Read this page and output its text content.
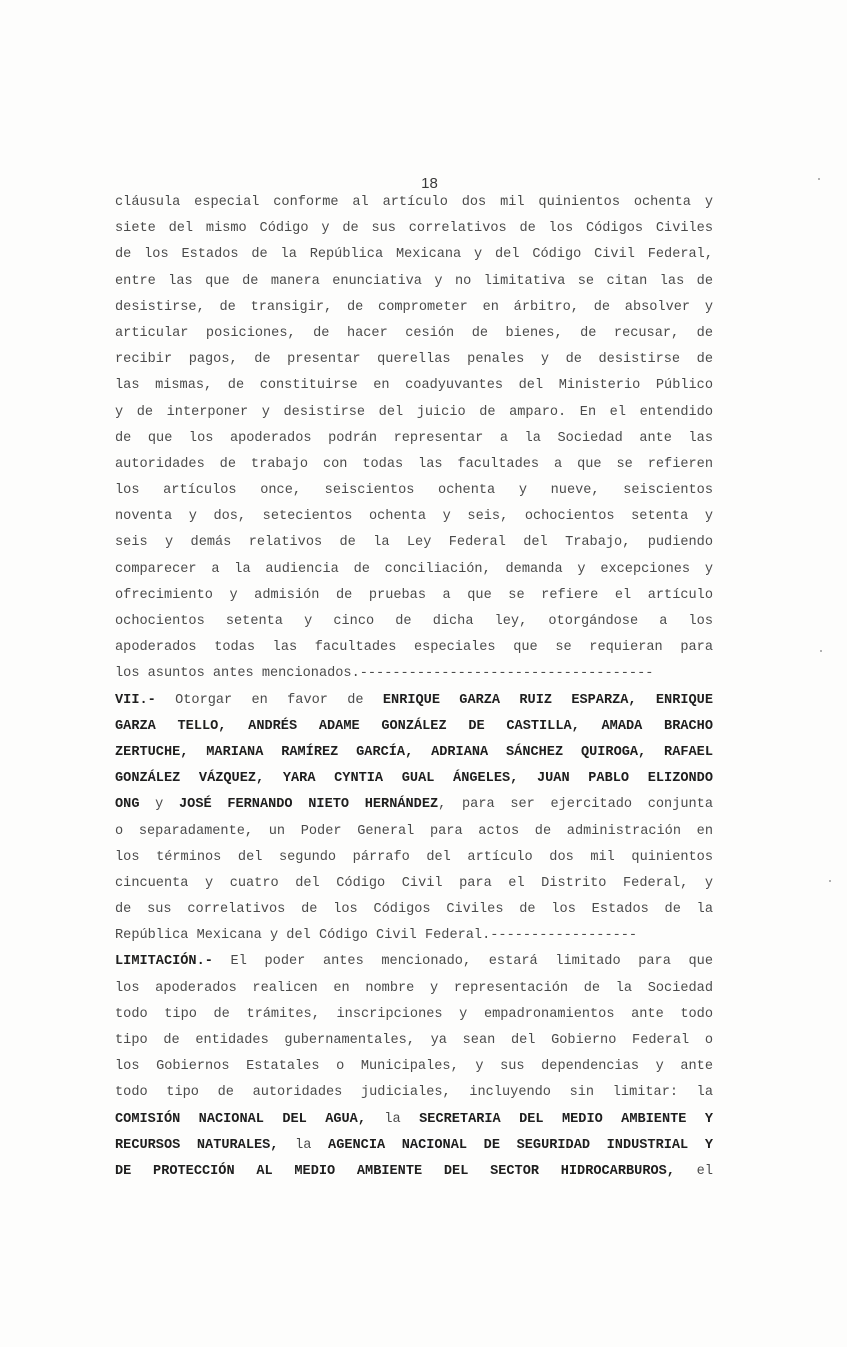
18
cláusula especial conforme al artículo dos mil quinientos ochenta y
siete del mismo Código y de sus correlativos de los Códigos Civiles
de los Estados de la República Mexicana y del Código Civil Federal,
entre las que de manera enunciativa y no limitativa se citan las de
desistirse, de transigir, de comprometer en árbitro, de absolver y
articular posiciones, de hacer cesión de bienes, de recusar, de
recibir pagos, de presentar querellas penales y de desistirse de
las mismas, de constituirse en coadyuvantes del Ministerio Público
y de interponer y desistirse del juicio de amparo. En el entendido
de que los apoderados podrán representar a la Sociedad ante las
autoridades de trabajo con todas las facultades a que se refieren
los artículos once, seiscientos ochenta y nueve, seiscientos
noventa y dos, setecientos ochenta y seis, ochocientos setenta y
seis y demás relativos de la Ley Federal del Trabajo, pudiendo
comparecer a la audiencia de conciliación, demanda y excepciones y
ofrecimiento y admisión de pruebas a que se refiere el artículo
ochocientos setenta y cinco de dicha ley, otorgándose a los
apoderados todas las facultades especiales que se requieran para
los asuntos antes mencionados.------------------------------------
VII.- Otorgar en favor de ENRIQUE GARZA RUIZ ESPARZA, ENRIQUE
GARZA TELLO, ANDRÉS ADAME GONZÁLEZ DE CASTILLA, AMADA BRACHO
ZERTUCHE, MARIANA RAMÍREZ GARCÍA, ADRIANA SÁNCHEZ QUIROGA, RAFAEL
GONZÁLEZ VÁZQUEZ, YARA CYNTIA GUAL ÁNGELES, JUAN PABLO ELIZONDO
ONG y JOSÉ FERNANDO NIETO HERNÁNDEZ, para ser ejercitado conjunta
o separadamente, un Poder General para actos de administración en
los términos del segundo párrafo del artículo dos mil quinientos
cincuenta y cuatro del Código Civil para el Distrito Federal, y
de sus correlativos de los Códigos Civiles de los Estados de la
República Mexicana y del Código Civil Federal.------------------
LIMITACIÓN.- El poder antes mencionado, estará limitado para que
los apoderados realicen en nombre y representación de la Sociedad
todo tipo de trámites, inscripciones y empadronamientos ante todo
tipo de entidades gubernamentales, ya sean del Gobierno Federal o
los Gobiernos Estatales o Municipales, y sus dependencias y ante
todo tipo de autoridades judiciales, incluyendo sin limitar: la
COMISIÓN NACIONAL DEL AGUA, la SECRETARIA DEL MEDIO AMBIENTE Y
RECURSOS NATURALES, la AGENCIA NACIONAL DE SEGURIDAD INDUSTRIAL Y
DE PROTECCIÓN AL MEDIO AMBIENTE DEL SECTOR HIDROCARBUROS, el
